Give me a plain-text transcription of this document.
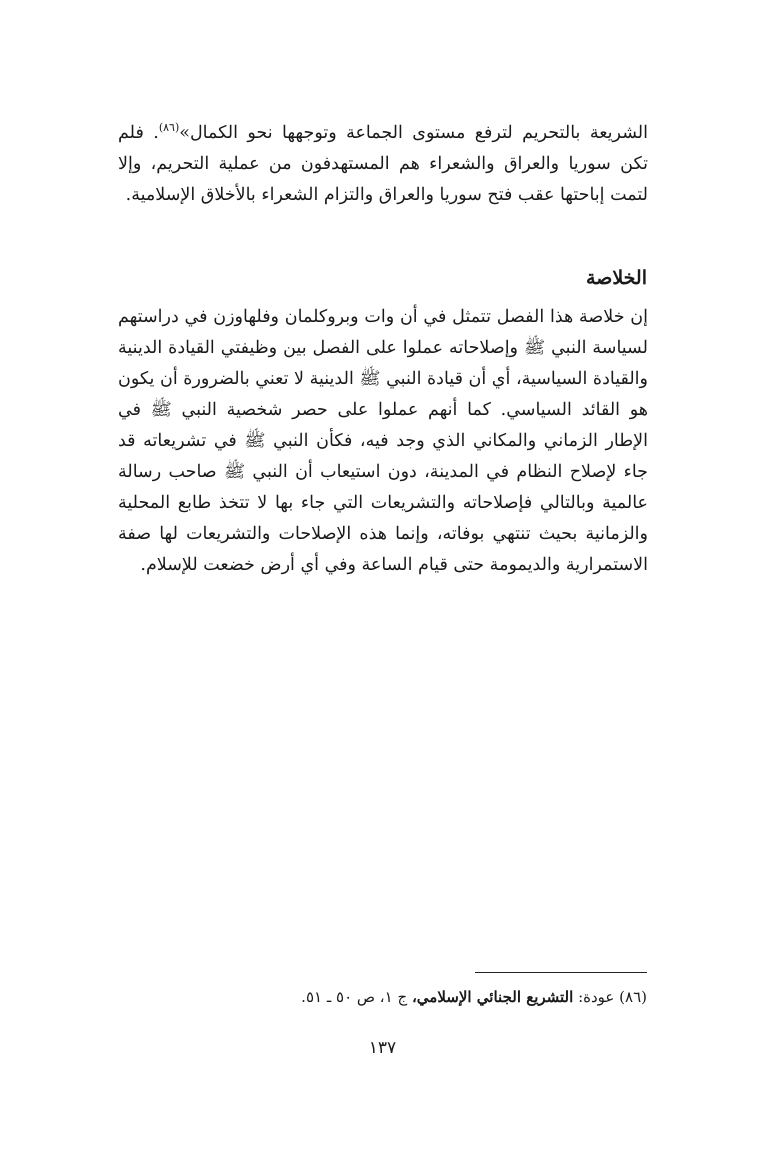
الشريعة بالتحريم لترفع مستوى الجماعة وتوجهها نحو الكمال»$^{(٨٦)}$. فلم تكن سوريا والعراق والشعراء هم المستهدفون من عملية التحريم، وإلا لتمت إباحتها عقب فتح سوريا والعراق والتزام الشعراء بالأخلاق الإسلامية.

الخلاصة

إن خلاصة هذا الفصل تتمثل في أن وات وبروكلمان وفلهاوزن في دراستهم لسياسة النبي ﷺ وإصلاحاته عملوا على الفصل بين وظيفتي القيادة الدينية والقيادة السياسية، أي أن قيادة النبي ﷺ الدينية لا تعني بالضرورة أن يكون هو القائد السياسي. كما أنهم عملوا على حصر شخصية النبي ﷺ في الإطار الزماني والمكاني الذي وجد فيه، فكأن النبي ﷺ في تشريعاته قد جاء لإصلاح النظام في المدينة، دون استيعاب أن النبي ﷺ صاحب رسالة عالمية وبالتالي فإصلاحاته والتشريعات التي جاء بها لا تتخذ طابع المحلية والزمانية بحيث تنتهي بوفاته، وإنما هذه الإصلاحات والتشريعات لها صفة الاستمرارية والديمومة حتى قيام الساعة وفي أي أرض خضعت للإسلام.

(٨٦) عودة: التشريع الجنائي الإسلامي، ج ١، ص ٥٠ ـ ٥١.
١٣٧
